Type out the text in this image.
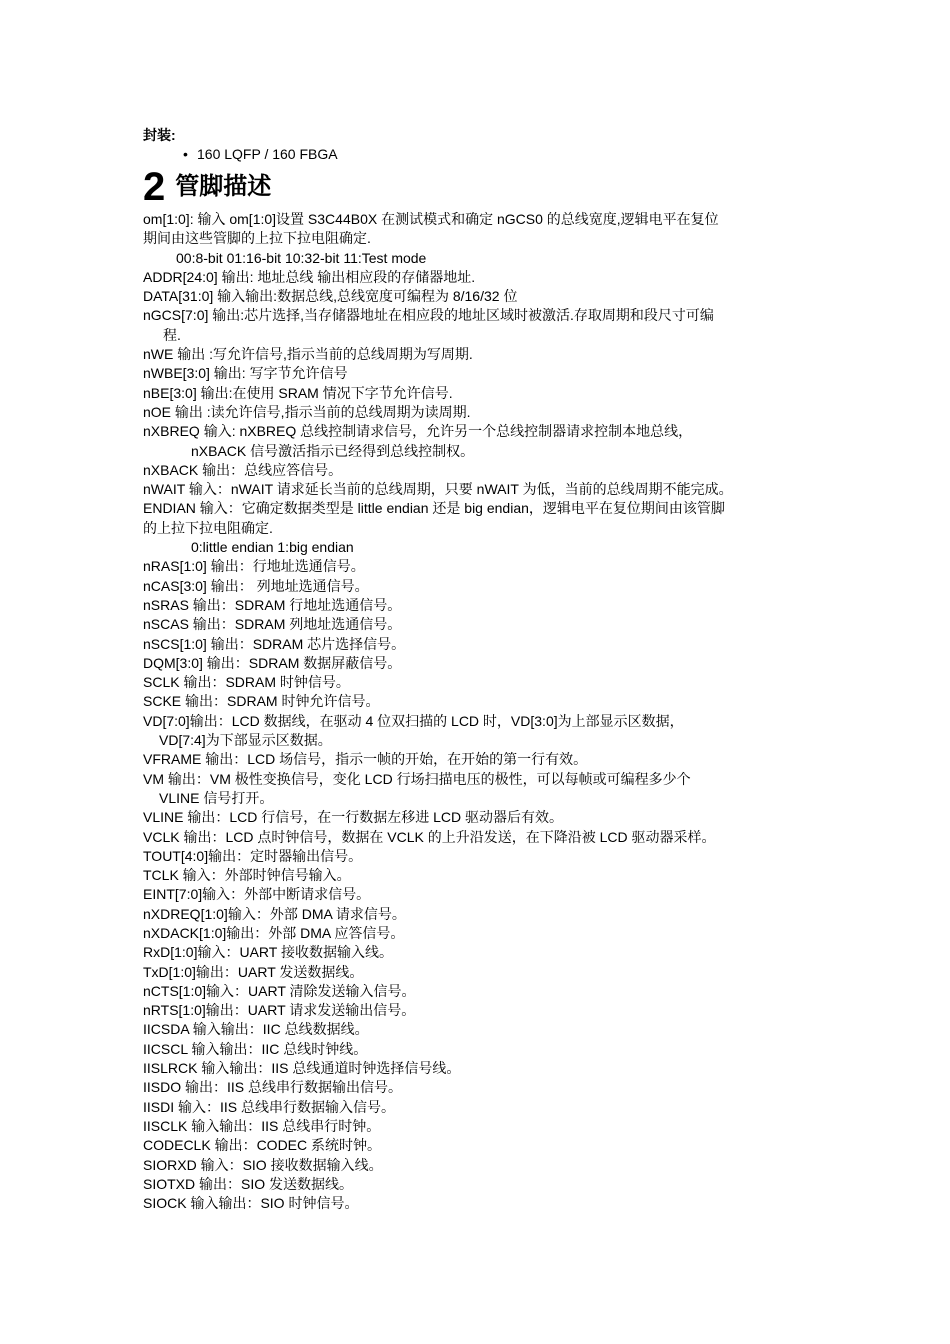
封装:
• 160 LQFP / 160 FBGA
2 管脚描述
om[1:0]: 输入 om[1:0]设置 S3C44B0X 在测试模式和确定 nGCS0 的总线宽度,逻辑电平在复位
期间由这些管脚的上拉下拉电阻确定.
00:8-bit 01:16-bit 10:32-bit 11:Test mode
ADDR[24:0] 输出: 地址总线 输出相应段的存储器地址.
DATA[31:0] 输入输出:数据总线,总线宽度可编程为 8/16/32 位
nGCS[7:0] 输出:芯片选择,当存储器地址在相应段的地址区域时被激活.存取周期和段尺寸可编
程.
nWE 输出 :写允许信号,指示当前的总线周期为写周期.
nWBE[3:0] 输出: 写字节允许信号
nBE[3:0] 输出:在使用 SRAM 情况下字节允许信号.
nOE 输出 :读允许信号,指示当前的总线周期为读周期.
nXBREQ 输入: nXBREQ 总线控制请求信号，允许另一个总线控制器请求控制本地总线，
nXBACK 信号激活指示已经得到总线控制权。
nXBACK 输出：总线应答信号。
nWAIT 输入：nWAIT 请求延长当前的总线周期，只要 nWAIT 为低，当前的总线周期不能完成。
ENDIAN 输入：它确定数据类型是 little endian 还是 big endian，逻辑电平在复位期间由该管脚
的上拉下拉电阻确定.
0:little endian 1:big endian
nRAS[1:0] 输出：行地址选通信号。
nCAS[3:0] 输出： 列地址选通信号。
nSRAS 输出：SDRAM 行地址选通信号。
nSCAS 输出：SDRAM 列地址选通信号。
nSCS[1:0] 输出：SDRAM 芯片选择信号。
DQM[3:0] 输出：SDRAM 数据屏蔽信号。
SCLK 输出：SDRAM 时钟信号。
SCKE 输出：SDRAM 时钟允许信号。
VD[7:0]输出：LCD 数据线，在驱动 4 位双扫描的 LCD 时，VD[3:0]为上部显示区数据，
VD[7:4]为下部显示区数据。
VFRAME 输出：LCD 场信号，指示一帧的开始，在开始的第一行有效。
VM 输出：VM 极性变换信号，变化 LCD 行场扫描电压的极性，可以每帧或可编程多少个
VLINE 信号打开。
VLINE 输出：LCD 行信号，在一行数据左移进 LCD 驱动器后有效。
VCLK 输出：LCD 点时钟信号，数据在 VCLK 的上升沿发送，在下降沿被 LCD 驱动器采样。
TOUT[4:0]输出：定时器输出信号。
TCLK 输入：外部时钟信号输入。
EINT[7:0]输入：外部中断请求信号。
nXDREQ[1:0]输入：外部 DMA 请求信号。
nXDACK[1:0]输出：外部 DMA 应答信号。
RxD[1:0]输入：UART 接收数据输入线。
TxD[1:0]输出：UART 发送数据线。
nCTS[1:0]输入：UART 清除发送输入信号。
nRTS[1:0]输出：UART 请求发送输出信号。
IICSDA 输入输出：IIC 总线数据线。
IICSCL 输入输出：IIC 总线时钟线。
IISLRCK 输入输出：IIS 总线通道时钟选择信号线。
IISDO 输出：IIS 总线串行数据输出信号。
IISDI 输入：IIS 总线串行数据输入信号。
IISCLK 输入输出：IIS 总线串行时钟。
CODECLK 输出：CODEC 系统时钟。
SIORXD 输入：SIO 接收数据输入线。
SIOTXD 输出：SIO 发送数据线。
SIOCK 输入输出：SIO 时钟信号。
